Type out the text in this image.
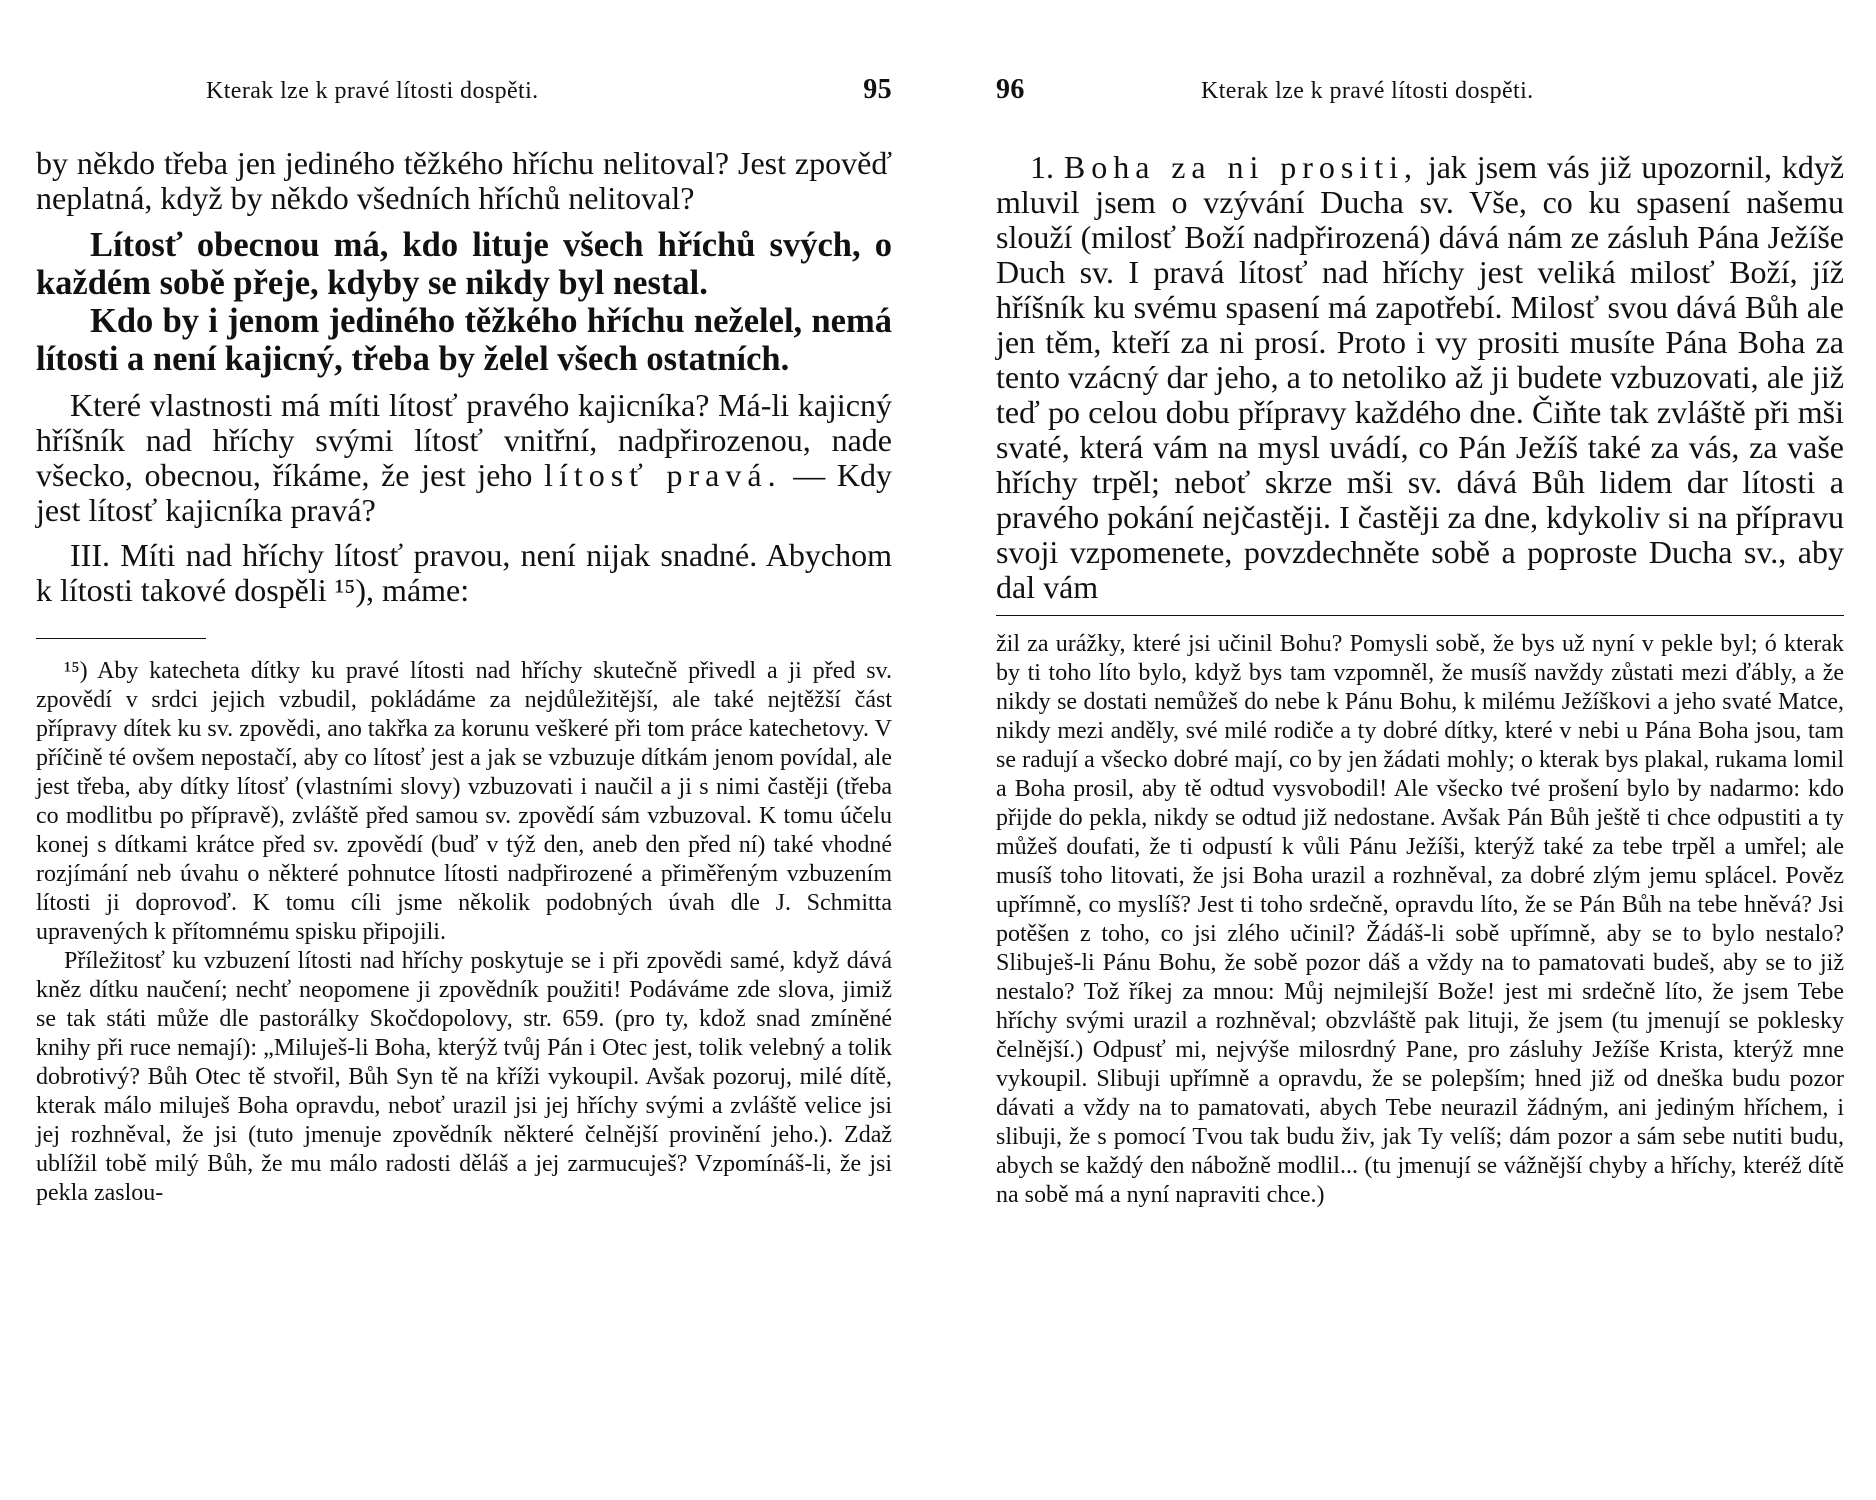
Kterak lze k pravé lítosti dospěti.	95

by někdo třeba jen jediného těžkého hříchu nelitoval? Jest zpověď neplatná, když by někdo všedních hříchů nelitoval?

Lítosť obecnou má, kdo lituje všech hříchů svých, o každém sobě přeje, kdyby se nikdy byl nestal.

Kdo by i jenom jediného těžkého hříchu neželel, nemá lítosti a není kajicný, třeba by želel všech ostatních.

Které vlastnosti má míti lítosť pravého kajicníka? Má-li kajicný hříšník nad hříchy svými lítosť vnitřní, nadpřirozenou, nade všecko, obecnou, říkáme, že jest jeho lítosť pravá. — Kdy jest lítosť kajicníka pravá?

III. Míti nad hříchy lítosť pravou, není nijak snadné. Abychom k lítosti takové dospěli ¹⁵), máme:

¹⁵) Aby katecheta dítky ku pravé lítosti nad hříchy skutečně přivedl a ji před sv. zpovědí v srdci jejich vzbudil, pokládáme za nejdůležitější, ale také nejtěžší část přípravy dítek ku sv. zpovědi, ano takřka za korunu veškeré při tom práce katechetovy. V příčině té ovšem nepostačí, aby co lítosť jest a jak se vzbuzuje dítkám jenom povídal, ale jest třeba, aby dítky lítosť (vlastními slovy) vzbuzovati i naučil a ji s nimi častěji (třeba co modlitbu po přípravě), zvláště před samou sv. zpovědí sám vzbuzoval. K tomu účelu konej s dítkami krátce před sv. zpovědí (buď v týž den, aneb den před ní) také vhodné rozjímání neb úvahu o některé pohnutce lítosti nadpřirozené a přiměřeným vzbuzením lítosti ji doprovoď. K tomu cíli jsme několik podobných úvah dle J. Schmitta upravených k přítomnému spisku připojili.

Příležitosť ku vzbuzení lítosti nad hříchy poskytuje se i při zpovědi samé, když dává kněz dítku naučení; nechť neopomene ji zpovědník použiti! Podáváme zde slova, jimiž se tak státi může dle pastorálky Skočdopolovy, str. 659. (pro ty, kdož snad zmíněné knihy při ruce nemají): „Miluješ-li Boha, kterýž tvůj Pán i Otec jest, tolik velebný a tolik dobrotivý? Bůh Otec tě stvořil, Bůh Syn tě na kříži vykoupil. Avšak pozoruj, milé dítě, kterak málo miluješ Boha opravdu, neboť urazil jsi jej hříchy svými a zvláště velice jsi jej rozhněval, že jsi (tuto jmenuje zpovědník některé čelnější provinění jeho.). Zdaž ublížil tobě milý Bůh, že mu málo radosti děláš a jej zarmucuješ? Vzpomínáš-li, že jsi pekla zaslou-

96	Kterak lze k pravé lítosti dospěti.

1. Boha za ni prositi, jak jsem vás již upozornil, když mluvil jsem o vzývání Ducha sv. Vše, co ku spasení našemu slouží (milosť Boží nadpřirozená) dává nám ze zásluh Pána Ježíše Duch sv. I pravá lítosť nad hříchy jest veliká milosť Boží, jíž hříšník ku svému spasení má zapotřebí. Milosť svou dává Bůh ale jen těm, kteří za ni prosí. Proto i vy prositi musíte Pána Boha za tento vzácný dar jeho, a to netoliko až ji budete vzbuzovati, ale již teď po celou dobu přípravy každého dne. Čiňte tak zvláště při mši svaté, která vám na mysl uvádí, co Pán Ježíš také za vás, za vaše hříchy trpěl; neboť skrze mši sv. dává Bůh lidem dar lítosti a pravého pokání nejčastěji. I častěji za dne, kdykoliv si na přípravu svoji vzpomenete, povzdechněte sobě a poproste Ducha sv., aby dal vám

žil za urážky, které jsi učinil Bohu? Pomysli sobě, že bys už nyní v pekle byl; ó kterak by ti toho líto bylo, když bys tam vzpomněl, že musíš navždy zůstati mezi ďábly, a že nikdy se dostati nemůžeš do nebe k Pánu Bohu, k milému Ježíškovi a jeho svaté Matce, nikdy mezi anděly, své milé rodiče a ty dobré dítky, které v nebi u Pána Boha jsou, tam se radují a všecko dobré mají, co by jen žádati mohly; o kterak bys plakal, rukama lomil a Boha prosil, aby tě odtud vysvobodil! Ale všecko tvé prošení bylo by nadarmo: kdo přijde do pekla, nikdy se odtud již nedostane. Avšak Pán Bůh ještě ti chce odpustiti a ty můžeš doufati, že ti odpustí k vůli Pánu Ježíši, kterýž také za tebe trpěl a umřel; ale musíš toho litovati, že jsi Boha urazil a rozhněval, za dobré zlým jemu splácel. Pověz upřímně, co myslíš? Jest ti toho srdečně, opravdu líto, že se Pán Bůh na tebe hněvá? Jsi potěšen z toho, co jsi zlého učinil? Žádáš-li sobě upřímně, aby se to bylo nestalo? Slibuješ-li Pánu Bohu, že sobě pozor dáš a vždy na to pamatovati budeš, aby se to již nestalo? Tož říkej za mnou: Můj nejmilejší Bože! jest mi srdečně líto, že jsem Tebe hříchy svými urazil a rozhněval; obzvláště pak lituji, že jsem (tu jmenují se poklesky čelnější.) Odpusť mi, nejvýše milosrdný Pane, pro zásluhy Ježíše Krista, kterýž mne vykoupil. Slibuji upřímně a opravdu, že se polepším; hned již od dneška budu pozor dávati a vždy na to pamatovati, abych Tebe neurazil žádným, ani jediným hříchem, i slibuji, že s pomocí Tvou tak budu živ, jak Ty velíš; dám pozor a sám sebe nutiti budu, abych se každý den nábožně modlil... (tu jmenují se vážnější chyby a hříchy, kteréž dítě na sobě má a nyní napraviti chce.)
